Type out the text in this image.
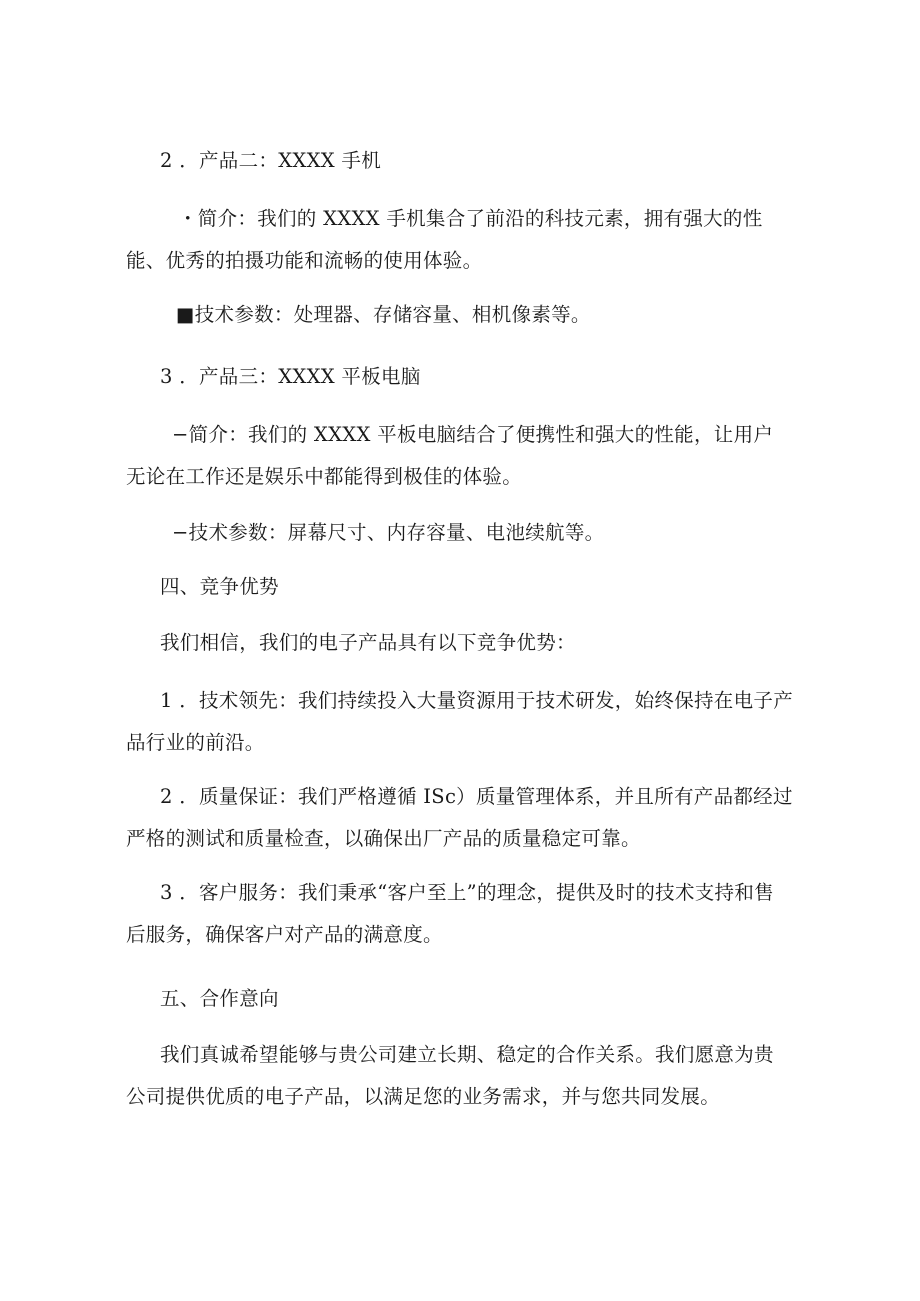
2 ．产品二：XXXX 手机

・简介：我们的 XXXX 手机集合了前沿的科技元素，拥有强大的性

能、优秀的拍摄功能和流畅的使用体验。

■技术参数：处理器、存储容量、相机像素等。

3 ．产品三：XXXX 平板电脑

−简介：我们的 XXXX 平板电脑结合了便携性和强大的性能，让用户

无论在工作还是娱乐中都能得到极佳的体验。

−技术参数：屏幕尺寸、内存容量、电池续航等。

四、竞争优势

我们相信，我们的电子产品具有以下竞争优势：

1 ．技术领先：我们持续投入大量资源用于技术研发，始终保持在电子产

品行业的前沿。

2 ．质量保证：我们严格遵循 ISc）质量管理体系，并且所有产品都经过

严格的测试和质量检查，以确保出厂产品的质量稳定可靠。

3 ．客户服务：我们秉承“客户至上”的理念，提供及时的技术支持和售

后服务，确保客户对产品的满意度。

五、合作意向

我们真诚希望能够与贵公司建立长期、稳定的合作关系。我们愿意为贵

公司提供优质的电子产品，以满足您的业务需求，并与您共同发展。
